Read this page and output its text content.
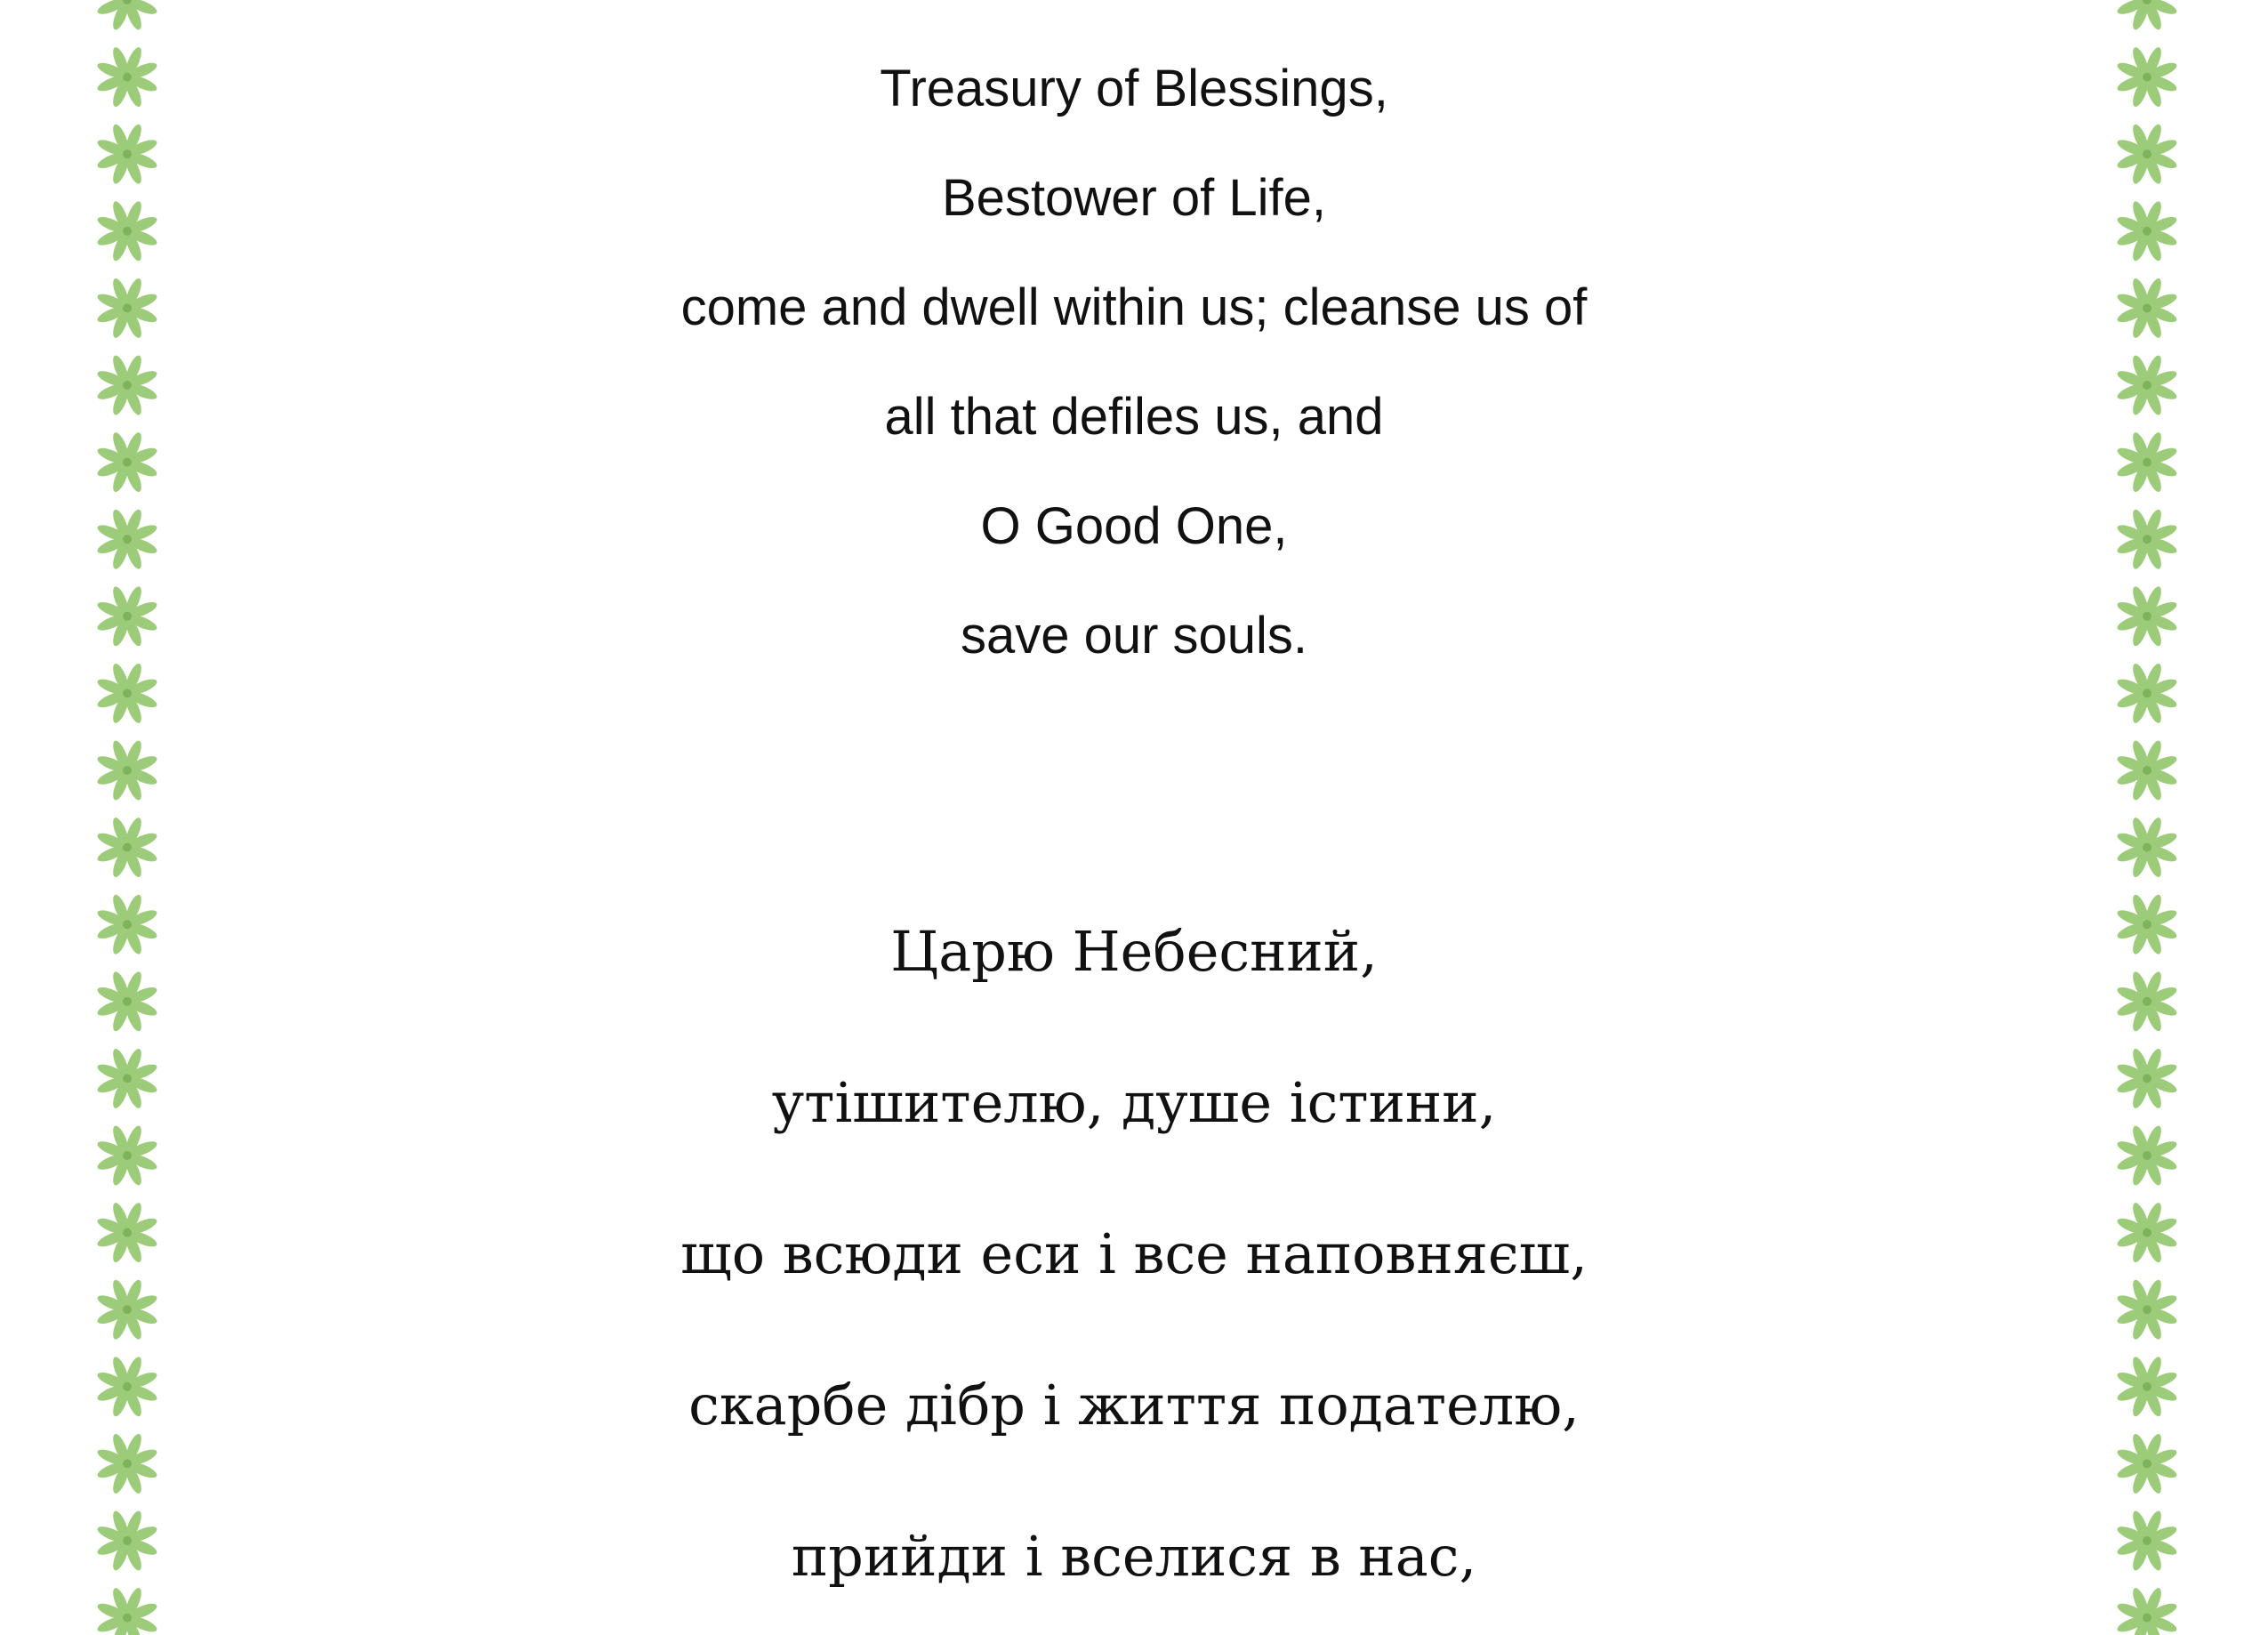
Treasury of Blessings,
Bestower of Life,
come and dwell within us; cleanse us of
all that defiles us, and
O Good One,
save our souls.
Царю Небесний,
утішителю, душе істини,
що всюди еси і все наповняєш,
скарбе дібр і життя подателю,
прийди і вселися в нас,
